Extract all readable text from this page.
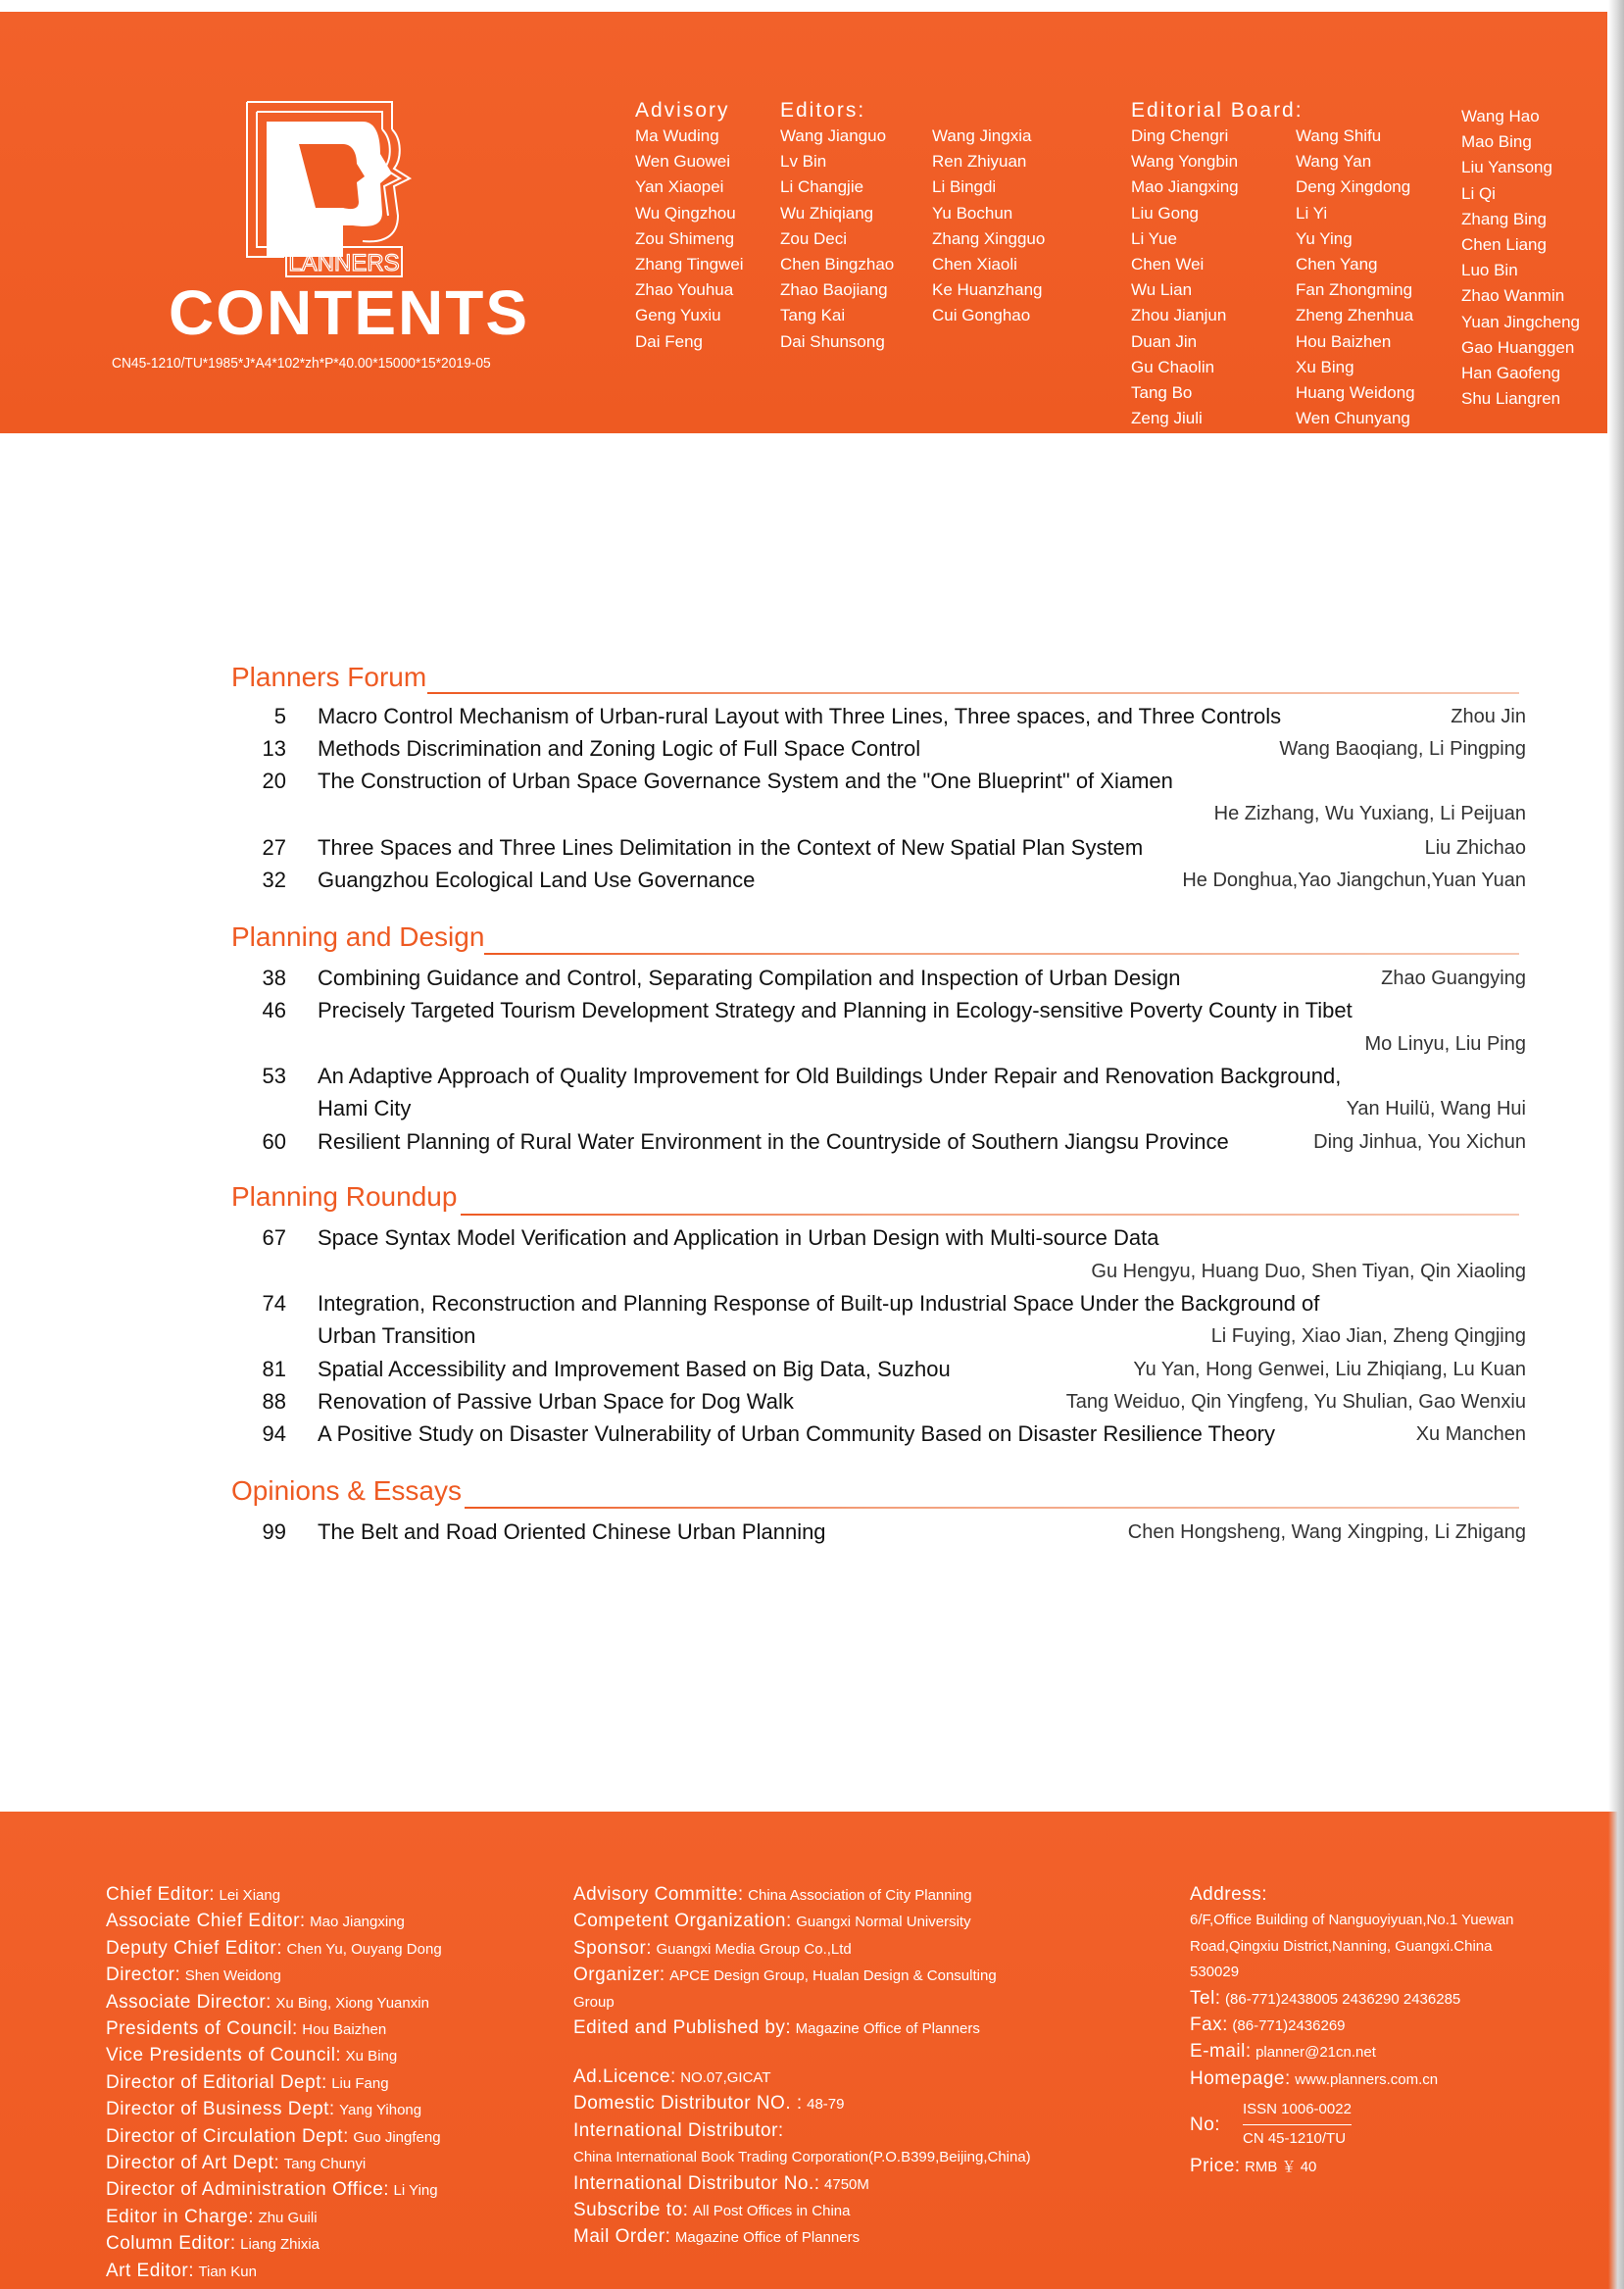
LANNERS
CONTENTS
CN45-1210/TU*1985*J*A4*102*zh*P*40.00*15000*15*2019-05
Advisory
Ma Wuding
Wen Guowei
Yan Xiaopei
Wu Qingzhou
Zou Shimeng
Zhang Tingwei
Zhao Youhua
Geng Yuxiu
Dai Feng
Editors:
Wang Jianguo
Lv Bin
Li Changjie
Wu Zhiqiang
Zou Deci
Chen Bingzhao
Zhao Baojiang
Tang Kai
Dai Shunsong

Wang Jingxia
Ren Zhiyuan
Li Bingdi
Yu Bochun
Zhang Xingguo
Chen Xiaoli
Ke Huanzhang
Cui Gonghao
Editorial Board:
Ding Chengri
Wang Yongbin
Mao Jiangxing
Liu Gong
Li Yue
Chen Wei
Wu Lian
Zhou Jianjun
Duan Jin
Gu Chaolin
Tang Bo
Zeng Jiuli
Lei Xiang

Wang Shifu
Wang Yan
Deng Xingdong
Li Yi
Yu Ying
Chen Yang
Fan Zhongming
Zheng Zhenhua
Hou Baizhen
Xu Bing
Huang Weidong
Wen Chunyang
Wang Hao
Mao Bing
Liu Yansong
Li Qi
Zhang Bing
Chen Liang
Luo Bin
Zhao Wanmin
Yuan Jingcheng
Gao Huanggen
Han Gaofeng
Shu Liangren
Planners Forum
5 Macro Control Mechanism of Urban-rural Layout with Three Lines, Three spaces, and Three Controls	Zhou Jin
13 Methods Discrimination and Zoning Logic of Full Space Control	Wang Baoqiang, Li Pingping
20 The Construction of Urban Space Governance System and the "One Blueprint" of Xiamen
He Zizhang, Wu Yuxiang, Li Peijuan
27 Three Spaces and Three Lines Delimitation in the Context of New Spatial Plan System	Liu Zhichao
32 Guangzhou Ecological Land Use Governance	He Donghua,Yao Jiangchun,Yuan Yuan
Planning and Design
38 Combining Guidance and Control, Separating Compilation and Inspection of Urban Design	Zhao Guangying
46 Precisely Targeted Tourism Development Strategy and Planning in Ecology-sensitive Poverty County in Tibet
Mo Linyu, Liu Ping
53 An Adaptive Approach of Quality Improvement for Old Buildings Under Repair and Renovation Background,
Hami City	Yan Huilü, Wang Hui
60 Resilient Planning of Rural Water Environment in the Countryside of Southern Jiangsu Province	Ding Jinhua, You Xichun
Planning Roundup
67 Space Syntax Model Verification and Application in Urban Design with Multi-source Data
Gu Hengyu, Huang Duo, Shen Tiyan, Qin Xiaoling
74 Integration, Reconstruction and Planning Response of Built-up Industrial Space Under the Background of
Urban Transition	Li Fuying, Xiao Jian, Zheng Qingjing
81 Spatial Accessibility and Improvement Based on Big Data, Suzhou	Yu Yan, Hong Genwei, Liu Zhiqiang, Lu Kuan
88 Renovation of Passive Urban Space for Dog Walk	Tang Weiduo, Qin Yingfeng, Yu Shulian, Gao Wenxiu
94 A Positive Study on Disaster Vulnerability of Urban Community Based on Disaster Resilience Theory	Xu Manchen
Opinions & Essays
99 The Belt and Road Oriented Chinese Urban Planning	Chen Hongsheng, Wang Xingping, Li Zhigang
Chief Editor: Lei Xiang
Associate Chief Editor: Mao Jiangxing
Deputy Chief Editor: Chen Yu, Ouyang Dong
Director: Shen Weidong
Associate Director: Xu Bing, Xiong Yuanxin
Presidents of Council: Hou Baizhen
Vice Presidents of Council: Xu Bing
Director of Editorial Dept: Liu Fang
Director of Business Dept: Yang Yihong
Director of Circulation Dept: Guo Jingfeng
Director of Art Dept: Tang Chunyi
Director of Administration Office: Li Ying
Editor in Charge: Zhu Guili
Column Editor: Liang Zhixia
Art Editor: Tian Kun
Advisory Committe: China Association of City Planning
Competent Organization: Guangxi Normal University
Sponsor: Guangxi Media Group Co.,Ltd
Organizer: APCE Design Group, Hualan Design & Consulting
Group
Edited and Published by: Magazine Office of Planners
Ad.Licence: NO.07,GICAT
Domestic Distributor NO. : 48-79
International Distributor:
China International Book Trading Corporation(P.O.B399,Beijing,China)
International Distributor No.: 4750M
Subscribe to: All Post Offices in China
Mail Order: Magazine Office of Planners
Address:
6/F,Office Building of Nanguoyiyuan,No.1 Yuewan
Road,Qingxiu District,Nanning, Guangxi.China
530029
Tel: (86-771)2438005 2436290 2436285
Fax: (86-771)2436269
E-mail: planner@21cn.net
Homepage: www.planners.com.cn
No:
ISSN 1006-0022
CN 45-1210/TU
Price: RMB ￥ 40
